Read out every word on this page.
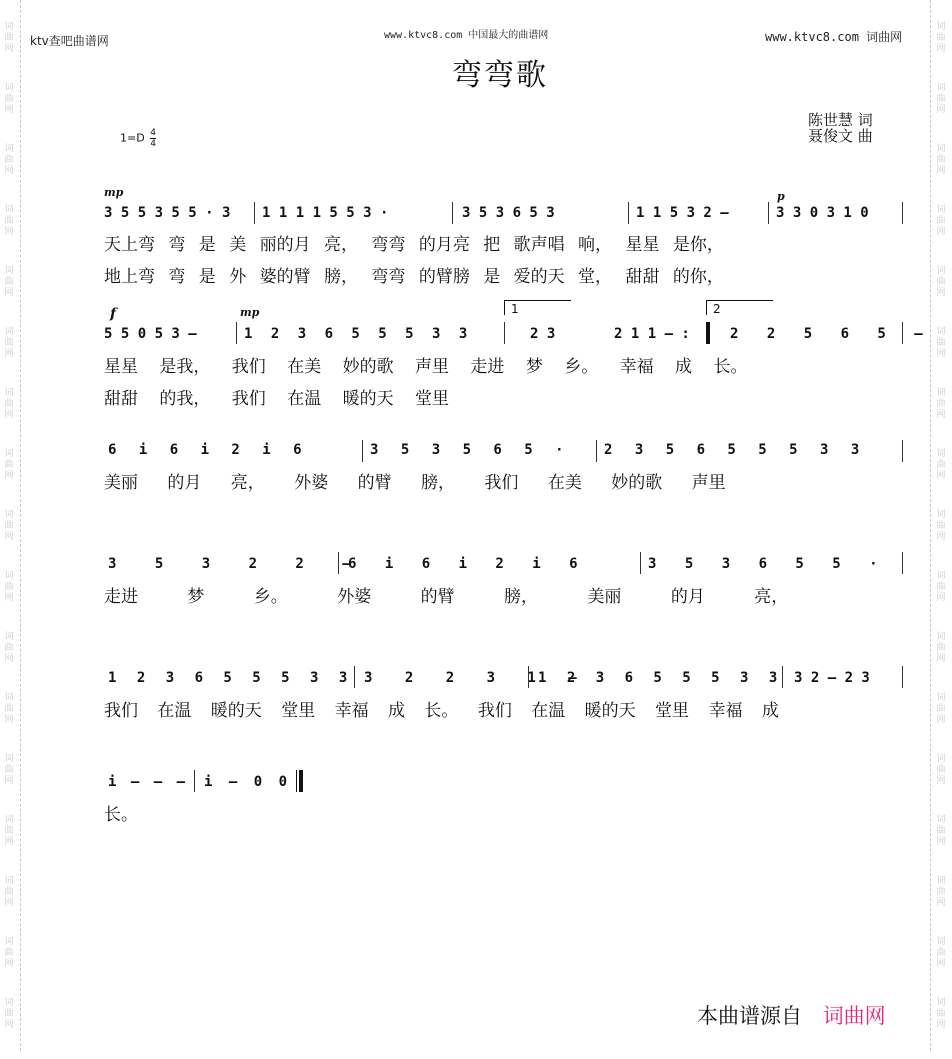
词
曲
网
词
曲
网
词
曲
网
词
曲
网
词
曲
网
词
曲
网
词
曲
网
词
曲
网
词
曲
网
词
曲
网
词
曲
网
词
曲
网
词
曲
网
词
曲
网
词
曲
网
词
曲
网
词
曲
网
词
曲
网
词
曲
网
词
曲
网
词
曲
网
词
曲
网
词
曲
网
词
曲
网
词
曲
网
词
曲
网
词
曲
网
词
曲
网
词
曲
网
词
曲
网
词
曲
网
词
曲
网
词
曲
网
词
曲
网
ktv查吧曲谱网	www.ktvc8.com 中国最大的曲谱网	www.ktvc8.com 词曲网
弯弯歌
陈世慧 词
聂俊文 曲
$1=D \frac{4}{4}$
mp	p
f	mp
3 5 5 3 5 5 · 3 1 1 1 1 5 5 3 ·	3 5 3 6 5 3	1 1 5 3 2 —	3 3 0 3 1 0
天上弯 弯 是 美 丽的月 亮， 弯弯 的月亮 把 歌声唱 响， 星星 是你，
地上弯 弯 是 外 婆的臂 膀， 弯弯 的臂膀 是 爱的天 堂， 甜甜 的你，
5 5 0 5 3 —	1 2 3 6 5 5 5 3 3
1
2 3	2 1 1 — :
2
2 2 5 6 5 —
星星 是我， 我们 在美 妙的歌 声里 走进 梦 乡。 幸福 成 长。
甜甜 的我， 我们 在温 暖的天 堂里
6 i 6 i 2 i 6	3 5 3 5 6 5 ·	2 3 5 6 5 5 5 3 3
美丽 的月 亮， 外婆 的臂 膀， 我们 在美 妙的歌 声里
3 5 3 2 2 —
6 i 6 i 2 i 6	3 5 3 6 5 5 ·
走进 梦 乡。 外婆 的臂 膀， 美丽 的月 亮，
1 2 3 6 5 5 5 3 3 3 2 2 3 1 —
1 2 3 6 5 5 5 3 3 3 2 — 2 3
我们 在温 暖的天 堂里 幸福 成 长。 我们 在温 暖的天 堂里 幸福 成
i — — — i — 0 0
长。
本曲谱源自 词曲网
